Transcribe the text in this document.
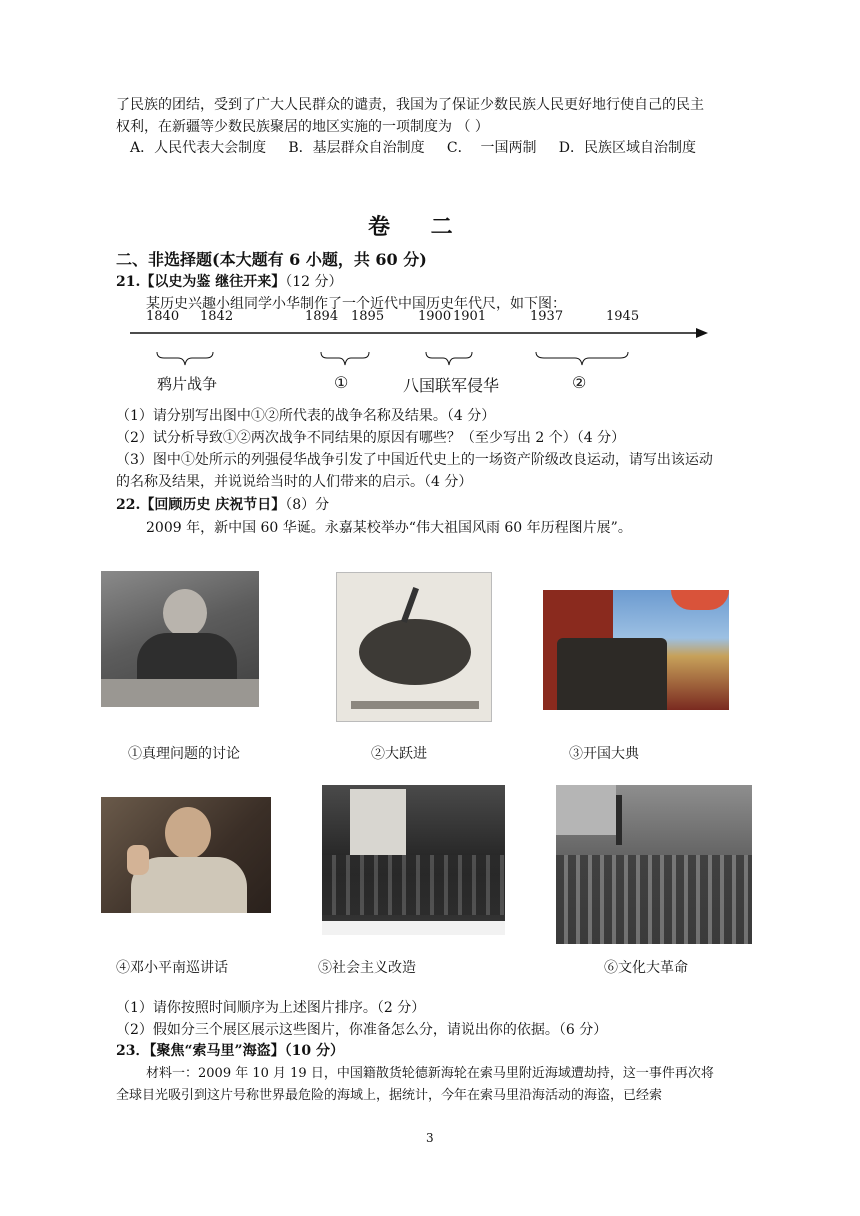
了民族的团结，受到了广大人民群众的谴责，我国为了保证少数民族人民更好地行使自己的民主
权利，在新疆等少数民族聚居的地区实施的一项制度为 （ ）
A．人民代表大会制度     B．基层群众自治制度     C．  一国两制     D．民族区域自治制度
卷    二
二、非选择题(本大题有 6 小题，共 60 分)
21.【以史为鉴 继往开来】（12 分）
某历史兴趣小组同学小华制作了一个近代中国历史年代尺，如下图：
1840 1842	1894 1895	1900 1901	1937	1945
鸦片战争	①	八国联军侵华	②
（1）请分别写出图中①②所代表的战争名称及结果。（4 分）
（2）试分析导致①②两次战争不同结果的原因有哪些？（至少写出 2 个）（4 分）
（3）图中①处所示的列强侵华战争引发了中国近代史上的一场资产阶级改良运动，请写出该运动
的名称及结果，并说说给当时的人们带来的启示。（4 分）
22.【回顾历史 庆祝节日】（8）分
2009 年，新中国 60 华诞。永嘉某校举办“伟大祖国风雨 60 年历程图片展”。
①真理问题的讨论	②大跃进	③开国大典
④邓小平南巡讲话	⑤社会主义改造	⑥文化大革命
（1）请你按照时间顺序为上述图片排序。（2 分）
（2）假如分三个展区展示这些图片，你准备怎么分，请说出你的依据。（6 分）
23．【聚焦“索马里”海盗】（10 分）
材料一：2009 年 10 月 19 日，中国籍散货轮德新海轮在索马里附近海域遭劫持，这一事件再次将
全球目光吸引到这片号称世界最危险的海域上，据统计，今年在索马里沿海活动的海盗，已经索
3
